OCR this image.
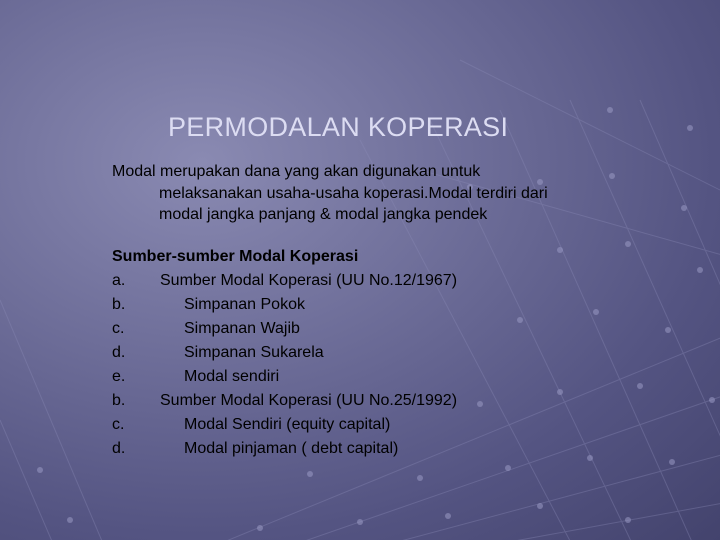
PERMODALAN KOPERASI
Modal merupakan dana yang akan digunakan untuk
melaksanakan usaha-usaha koperasi.Modal terdiri dari
modal jangka panjang & modal jangka pendek
Sumber-sumber Modal Koperasi
a. Sumber Modal Koperasi (UU No.12/1967)
b.	Simpanan Pokok
c.	Simpanan Wajib
d.	Simpanan Sukarela
e.	Modal sendiri
b. Sumber Modal Koperasi (UU No.25/1992)
c.	Modal Sendiri (equity capital)
d.	Modal pinjaman ( debt capital)
